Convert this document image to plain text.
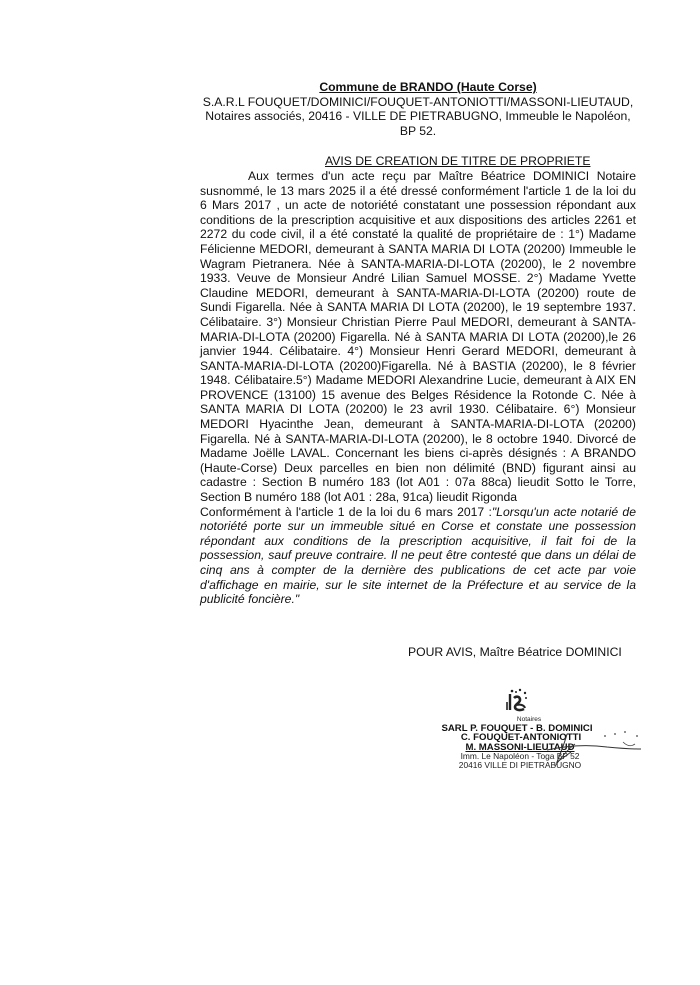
Commune de BRANDO (Haute Corse)

S.A.R.L FOUQUET/DOMINICI/FOUQUET-ANTONIOTTI/MASSONI-LIEUTAUD, Notaires associés, 20416 - VILLE DE PIETRABUGNO, Immeuble le Napoléon, BP 52.

AVIS DE CREATION DE TITRE DE PROPRIETE

Aux termes d'un acte reçu par Maître Béatrice DOMINICI Notaire susnommé, le 13 mars 2025 il a été dressé conformément l'article 1 de la loi du 6 Mars 2017 , un acte de notoriété constatant une possession répondant aux conditions de la prescription acquisitive et aux dispositions des articles 2261 et 2272 du code civil, il a été constaté la qualité de propriétaire de : 1°) Madame Félicienne MEDORI, demeurant à SANTA MARIA DI LOTA (20200) Immeuble le Wagram Pietranera. Née à SANTA-MARIA-DI-LOTA (20200), le 2 novembre 1933. Veuve de Monsieur André Lilian Samuel MOSSE. 2°) Madame Yvette Claudine MEDORI, demeurant à SANTA-MARIA-DI-LOTA (20200) route de Sundi Figarella. Née à SANTA MARIA DI LOTA (20200), le 19 septembre 1937. Célibataire. 3°) Monsieur Christian Pierre Paul MEDORI, demeurant à SANTA-MARIA-DI-LOTA (20200) Figarella. Né à SANTA MARIA DI LOTA (20200),le 26 janvier 1944. Célibataire. 4°) Monsieur Henri Gerard MEDORI, demeurant à SANTA-MARIA-DI-LOTA (20200)Figarella. Né à BASTIA (20200), le 8 février 1948. Célibataire.5°) Madame MEDORI Alexandrine Lucie, demeurant à AIX EN PROVENCE (13100) 15 avenue des Belges Résidence la Rotonde C. Née à SANTA MARIA DI LOTA (20200) le 23 avril 1930. Célibataire. 6°) Monsieur MEDORI Hyacinthe Jean, demeurant à SANTA-MARIA-DI-LOTA (20200) Figarella. Né à SANTA-MARIA-DI-LOTA (20200), le 8 octobre 1940. Divorcé de Madame Joëlle LAVAL. Concernant les biens ci-après désignés : A BRANDO (Haute-Corse) Deux parcelles en bien non délimité (BND) figurant ainsi au cadastre : Section B numéro 183 (lot A01 : 07a 88ca) lieudit Sotto le Torre, Section B numéro 188 (lot A01 : 28a, 91ca) lieudit Rigonda

Conformément à l'article 1 de la loi du 6 mars 2017 :"Lorsqu'un acte notarié de notoriété porte sur un immeuble situé en Corse et constate une possession répondant aux conditions de la prescription acquisitive, il fait foi de la possession, sauf preuve contraire. Il ne peut être contesté que dans un délai de cinq ans à compter de la dernière des publications de cet acte par voie d'affichage en mairie, sur le site internet de la Préfecture et au service de la publicité foncière."

POUR AVIS, Maître Béatrice DOMINICI
Notaires
SARL P. FOUQUET - B. DOMINICI
C. FOUQUET-ANTONIOTTI
M. MASSONI-LIEUTAUD
Imm. Le Napoléon - Toga BP 52
20416 VILLE DI PIETRABUGNO
